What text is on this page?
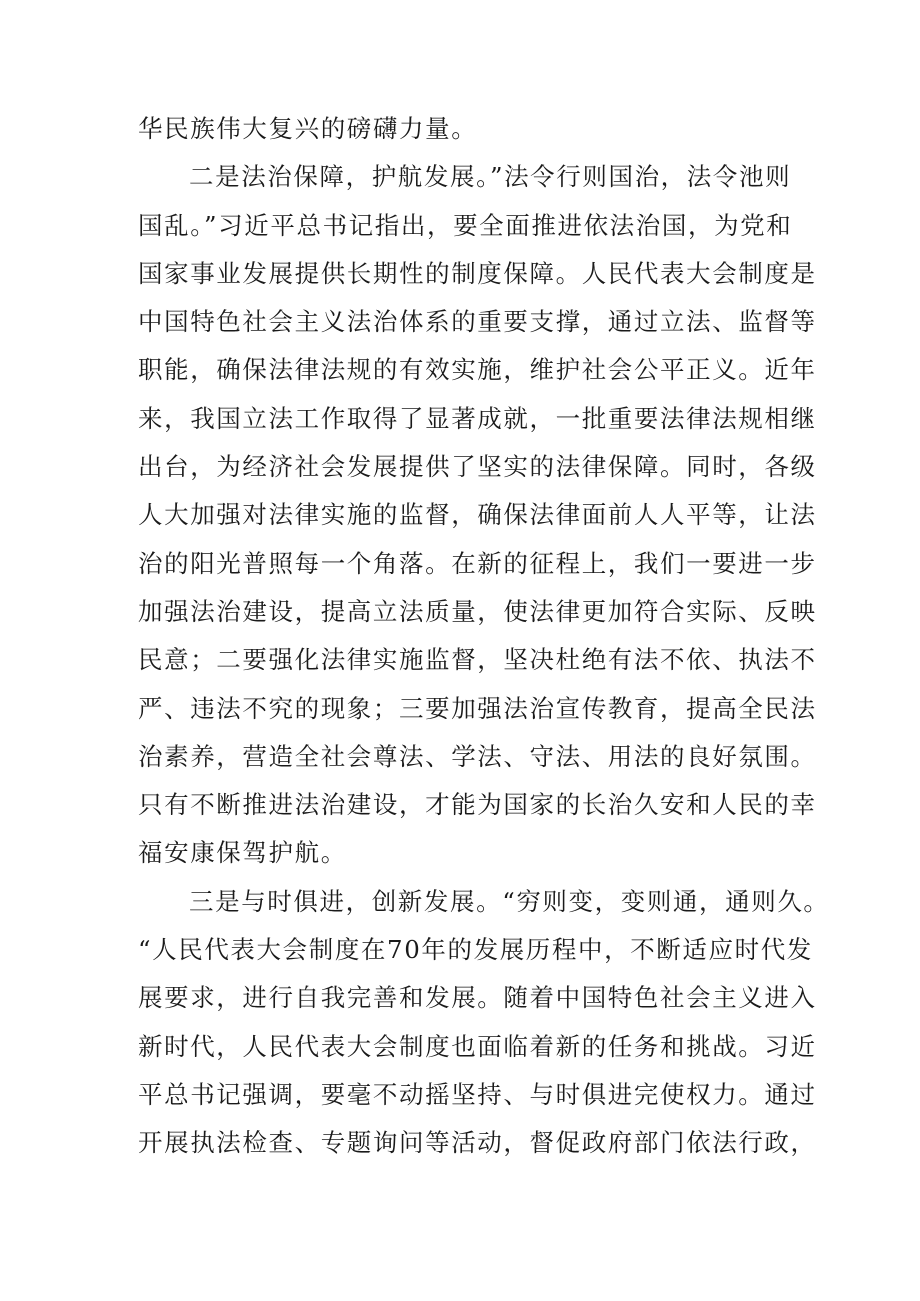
华民族伟大复兴的磅礴力量。
二是法治保障，护航发展。”法令行则国治，法令池则
国乱。”习近平总书记指出，要全面推进依法治国，为党和
国家事业发展提供长期性的制度保障。人民代表大会制度是
中国特色社会主义法治体系的重要支撑，通过立法、监督等
职能，确保法律法规的有效实施，维护社会公平正义。近年
来，我国立法工作取得了显著成就，一批重要法律法规相继
出台，为经济社会发展提供了坚实的法律保障。同时，各级
人大加强对法律实施的监督，确保法律面前人人平等，让法
治的阳光普照每一个角落。在新的征程上，我们一要进一步
加强法治建设，提高立法质量，使法律更加符合实际、反映
民意；二要强化法律实施监督，坚决杜绝有法不依、执法不
严、违法不究的现象；三要加强法治宣传教育，提高全民法
治素养，营造全社会尊法、学法、守法、用法的良好氛围。
只有不断推进法治建设，才能为国家的长治久安和人民的幸
福安康保驾护航。
三是与时俱进，创新发展。“穷则变，变则通，通则久。
“人民代表大会制度在70年的发展历程中，不断适应时代发
展要求，进行自我完善和发展。随着中国特色社会主义进入
新时代，人民代表大会制度也面临着新的任务和挑战。习近
平总书记强调，要毫不动摇坚持、与时俱进完使权力。通过
开展执法检查、专题询问等活动，督促政府部门依法行政，
